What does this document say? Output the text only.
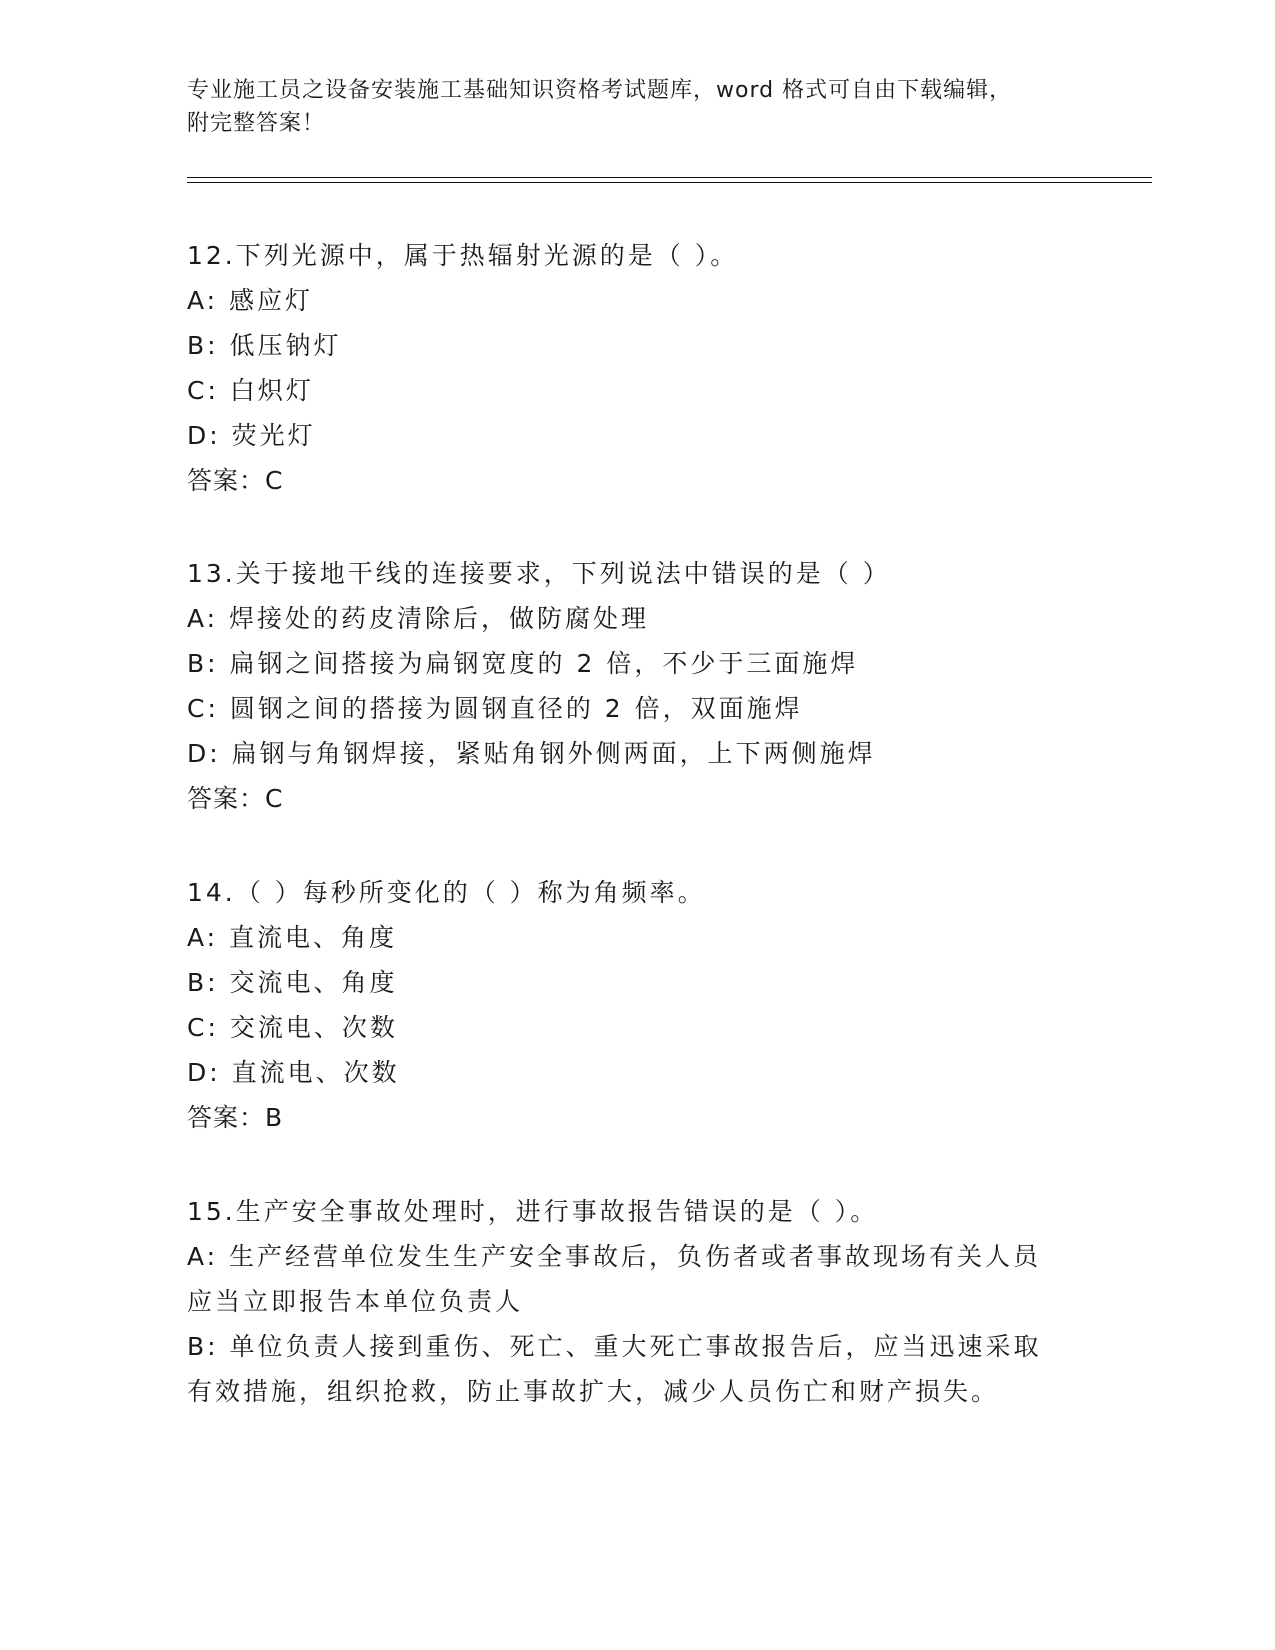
专业施工员之设备安装施工基础知识资格考试题库，word 格式可自由下载编辑，
附完整答案！
12.下列光源中，属于热辐射光源的是（ ）。
A: 感应灯
B: 低压钠灯
C: 白炽灯
D: 荧光灯
答案：C
13.关于接地干线的连接要求，下列说法中错误的是（ ）
A: 焊接处的药皮清除后，做防腐处理
B: 扁钢之间搭接为扁钢宽度的 2 倍，不少于三面施焊
C: 圆钢之间的搭接为圆钢直径的 2 倍，双面施焊
D: 扁钢与角钢焊接，紧贴角钢外侧两面，上下两侧施焊
答案：C
14.（ ）每秒所变化的（ ）称为角频率。
A: 直流电、角度
B: 交流电、角度
C: 交流电、次数
D: 直流电、次数
答案：B
15.生产安全事故处理时，进行事故报告错误的是（ ）。
A: 生产经营单位发生生产安全事故后，负伤者或者事故现场有关人员应当立即报告本单位负责人
B: 单位负责人接到重伤、死亡、重大死亡事故报告后，应当迅速采取有效措施，组织抢救，防止事故扩大，减少人员伤亡和财产损失。
